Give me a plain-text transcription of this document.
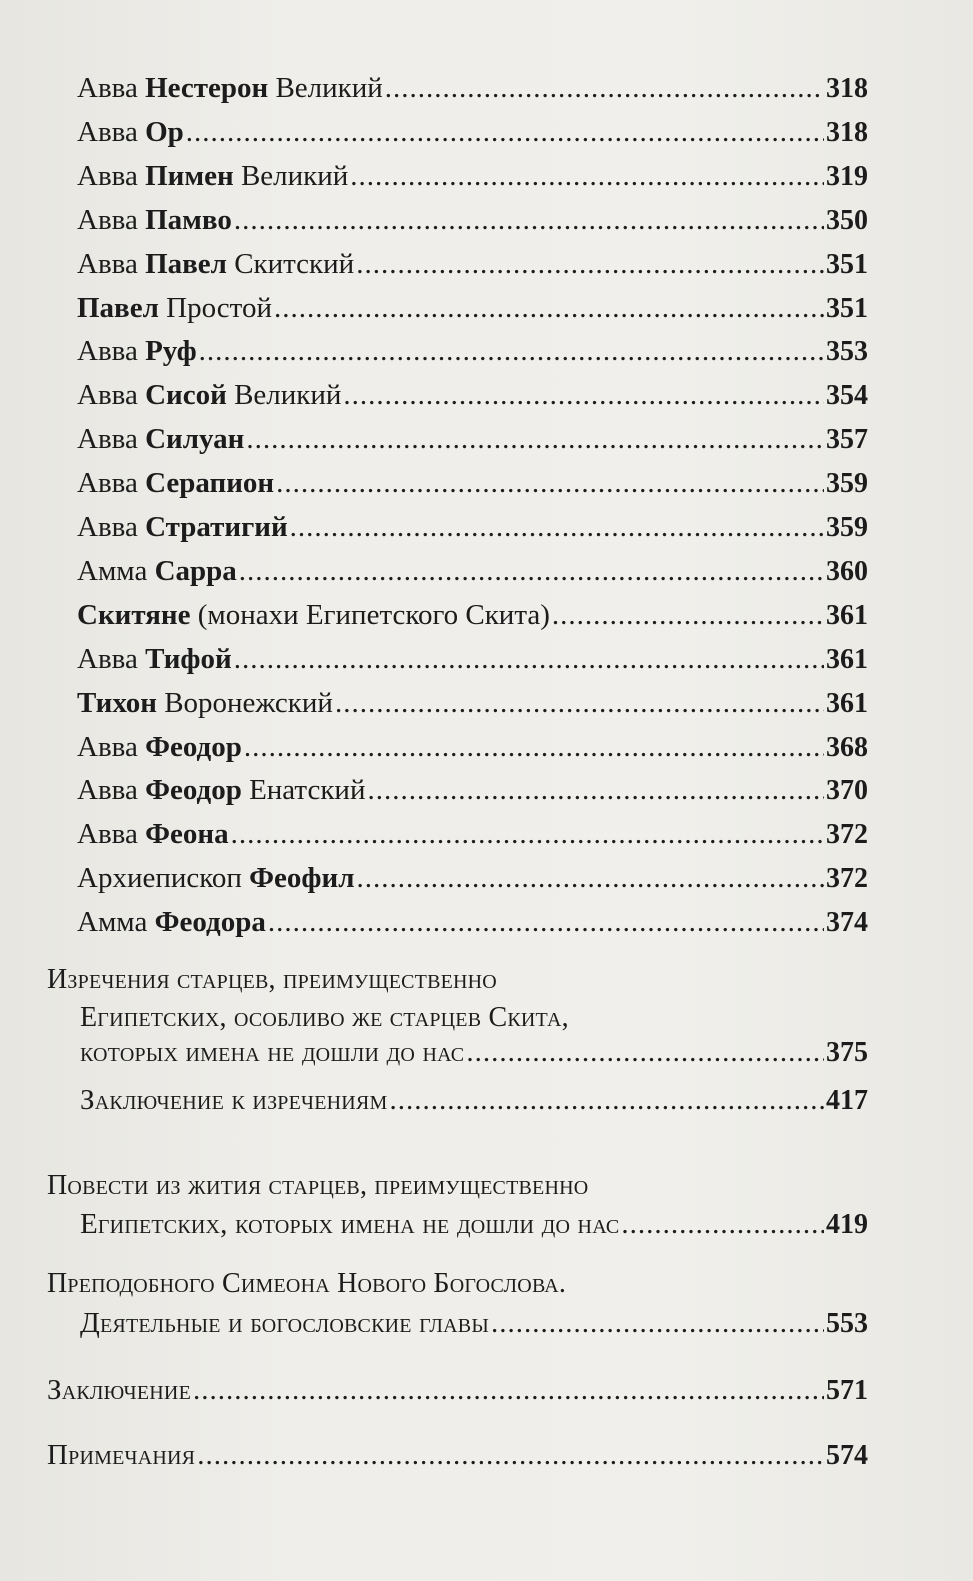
Авва Нестерон Великий .....	318
Авва Ор .....	318
Авва Пимен Великий .....	319
Авва Памво .....	350
Авва Павел Скитский .....	351
Павел Простой .....	351
Авва Руф .....	353
Авва Сисой Великий .....	354
Авва Силуан .....	357
Авва Серапион .....	359
Авва Стратигий .....	359
Амма Сарра .....	360
Скитяне (монахи Египетского Скита) .....	361
Авва Тифой .....	361
Тихон Воронежский .....	361
Авва Феодор .....	368
Авва Феодор Енатский .....	370
Авва Феона .....	372
Архиепископ Феофил .....	372
Амма Феодора .....	374
Изречения старцев, преимущественно
Египетских, особливо же старцев Скита,
которых имена не дошли до нас .....	375
Заключение к изречениям .....	417
Повести из жития старцев, преимущественно
Египетских, которых имена не дошли до нас .....	419
Преподобного Симеона Нового Богослова.
Деятельные и богословские главы .....	553
Заключение .....	571
Примечания .....	574
